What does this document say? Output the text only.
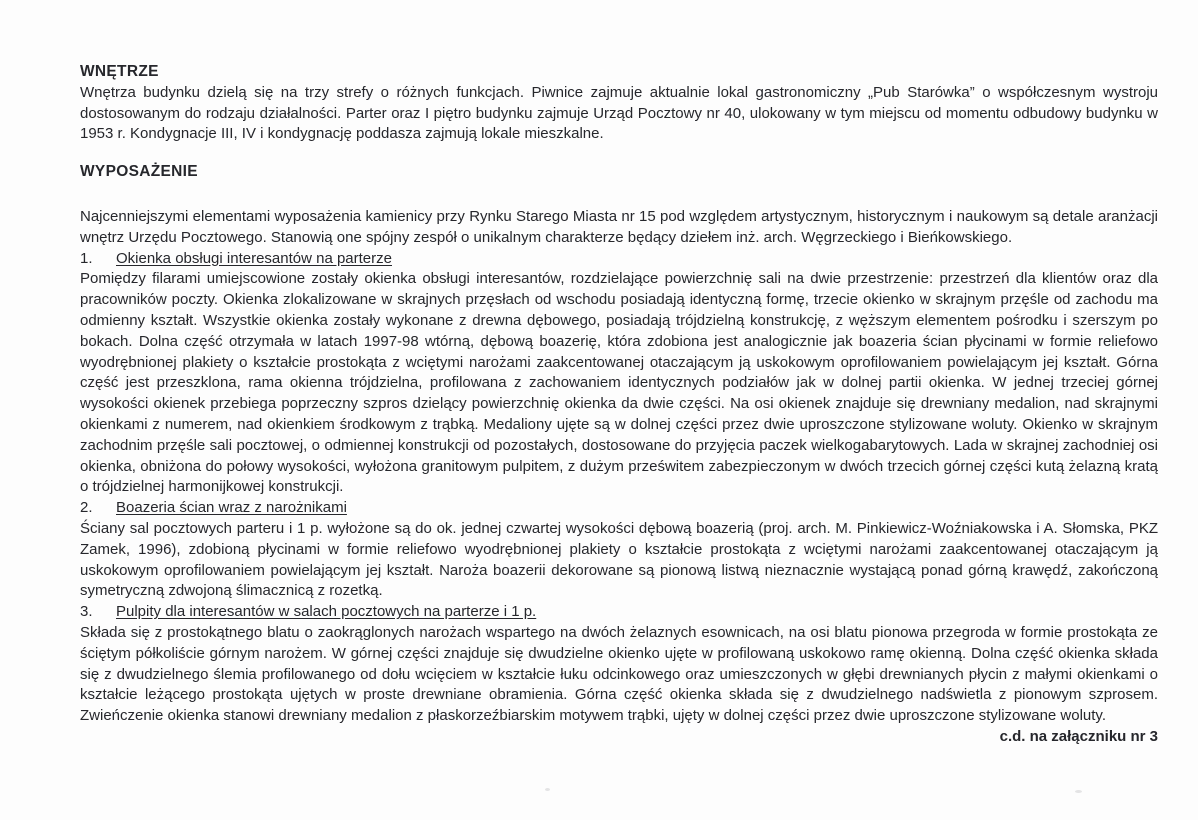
WNĘTRZE

Wnętrza budynku dzielą się na trzy strefy o różnych funkcjach. Piwnice zajmuje aktualnie lokal gastronomiczny „Pub Starówka” o współczesnym wystroju dostosowanym do rodzaju działalności. Parter oraz I piętro budynku zajmuje Urząd Pocztowy nr 40, ulokowany w tym miejscu od momentu odbudowy budynku w 1953 r. Kondygnacje III, IV i kondygnację poddasza zajmują lokale mieszkalne.

WYPOSAŻENIE

Najcenniejszymi elementami wyposażenia kamienicy przy Rynku Starego Miasta nr 15 pod względem artystycznym, historycznym i naukowym są detale aranżacji wnętrz Urzędu Pocztowego. Stanowią one spójny zespół o unikalnym charakterze będący dziełem inż. arch. Węgrzeckiego i Bieńkowskiego.

1.	Okienka obsługi interesantów na parterze

Pomiędzy filarami umiejscowione zostały okienka obsługi interesantów, rozdzielające powierzchnię sali na dwie przestrzenie: przestrzeń dla klientów oraz dla pracowników poczty. Okienka zlokalizowane w skrajnych przęsłach od wschodu posiadają identyczną formę, trzecie okienko w skrajnym przęśle od zachodu ma odmienny kształt. Wszystkie okienka zostały wykonane z drewna dębowego, posiadają trójdzielną konstrukcję, z węższym elementem pośrodku i szerszym po bokach. Dolna część otrzymała w latach 1997-98 wtórną, dębową boazerię, która zdobiona jest analogicznie jak boazeria ścian płycinami w formie reliefowo wyodrębnionej plakiety o kształcie prostokąta z wciętymi narożami zaakcentowanej otaczającym ją uskokowym oprofilowaniem powielającym jej kształt. Górna część jest przeszklona, rama okienna trójdzielna, profilowana z zachowaniem identycznych podziałów jak w dolnej partii okienka. W jednej trzeciej górnej wysokości okienek przebiega poprzeczny szpros dzielący powierzchnię okienka da dwie części. Na osi okienek znajduje się drewniany medalion, nad skrajnymi okienkami z numerem, nad okienkiem środkowym z trąbką. Medaliony ujęte są w dolnej części przez dwie uproszczone stylizowane woluty. Okienko w skrajnym zachodnim przęśle sali pocztowej, o odmiennej konstrukcji od pozostałych, dostosowane do przyjęcia paczek wielkogabarytowych. Lada w skrajnej zachodniej osi okienka, obniżona do połowy wysokości, wyłożona granitowym pulpitem, z dużym prześwitem zabezpieczonym w dwóch trzecich górnej części kutą żelazną kratą o trójdzielnej harmonijkowej konstrukcji.

2.	Boazeria ścian wraz z narożnikami

Ściany sal pocztowych parteru i 1 p. wyłożone są do ok. jednej czwartej wysokości dębową boazerią (proj. arch. M. Pinkiewicz-Woźniakowska i A. Słomska, PKZ Zamek, 1996), zdobioną płycinami w formie reliefowo wyodrębnionej plakiety o kształcie prostokąta z wciętymi narożami zaakcentowanej otaczającym ją uskokowym oprofilowaniem powielającym jej kształt. Naroża boazerii dekorowane są pionową listwą nieznacznie wystającą ponad górną krawędź, zakończoną symetryczną zdwojoną ślimacznicą z rozetką.

3.	Pulpity dla interesantów w salach pocztowych na parterze i 1 p.

Składa się z prostokątnego blatu o zaokrąglonych narożach wspartego na dwóch żelaznych esownicach, na osi blatu pionowa przegroda w formie prostokąta ze ściętym półkoliście górnym narożem. W górnej części znajduje się dwudzielne okienko ujęte w profilowaną uskokowo ramę okienną. Dolna część okienka składa się z dwudzielnego ślemia profilowanego od dołu wcięciem w kształcie łuku odcinkowego oraz umieszczonych w głębi drewnianych płycin z małymi okienkami o kształcie leżącego prostokąta ujętych w proste drewniane obramienia. Górna część okienka składa się z dwudzielnego nadświetla z pionowym szprosem. Zwieńczenie okienka stanowi drewniany medalion z płaskorzeźbiarskim motywem trąbki, ujęty w dolnej części przez dwie uproszczone stylizowane woluty.

c.d. na załączniku nr 3
